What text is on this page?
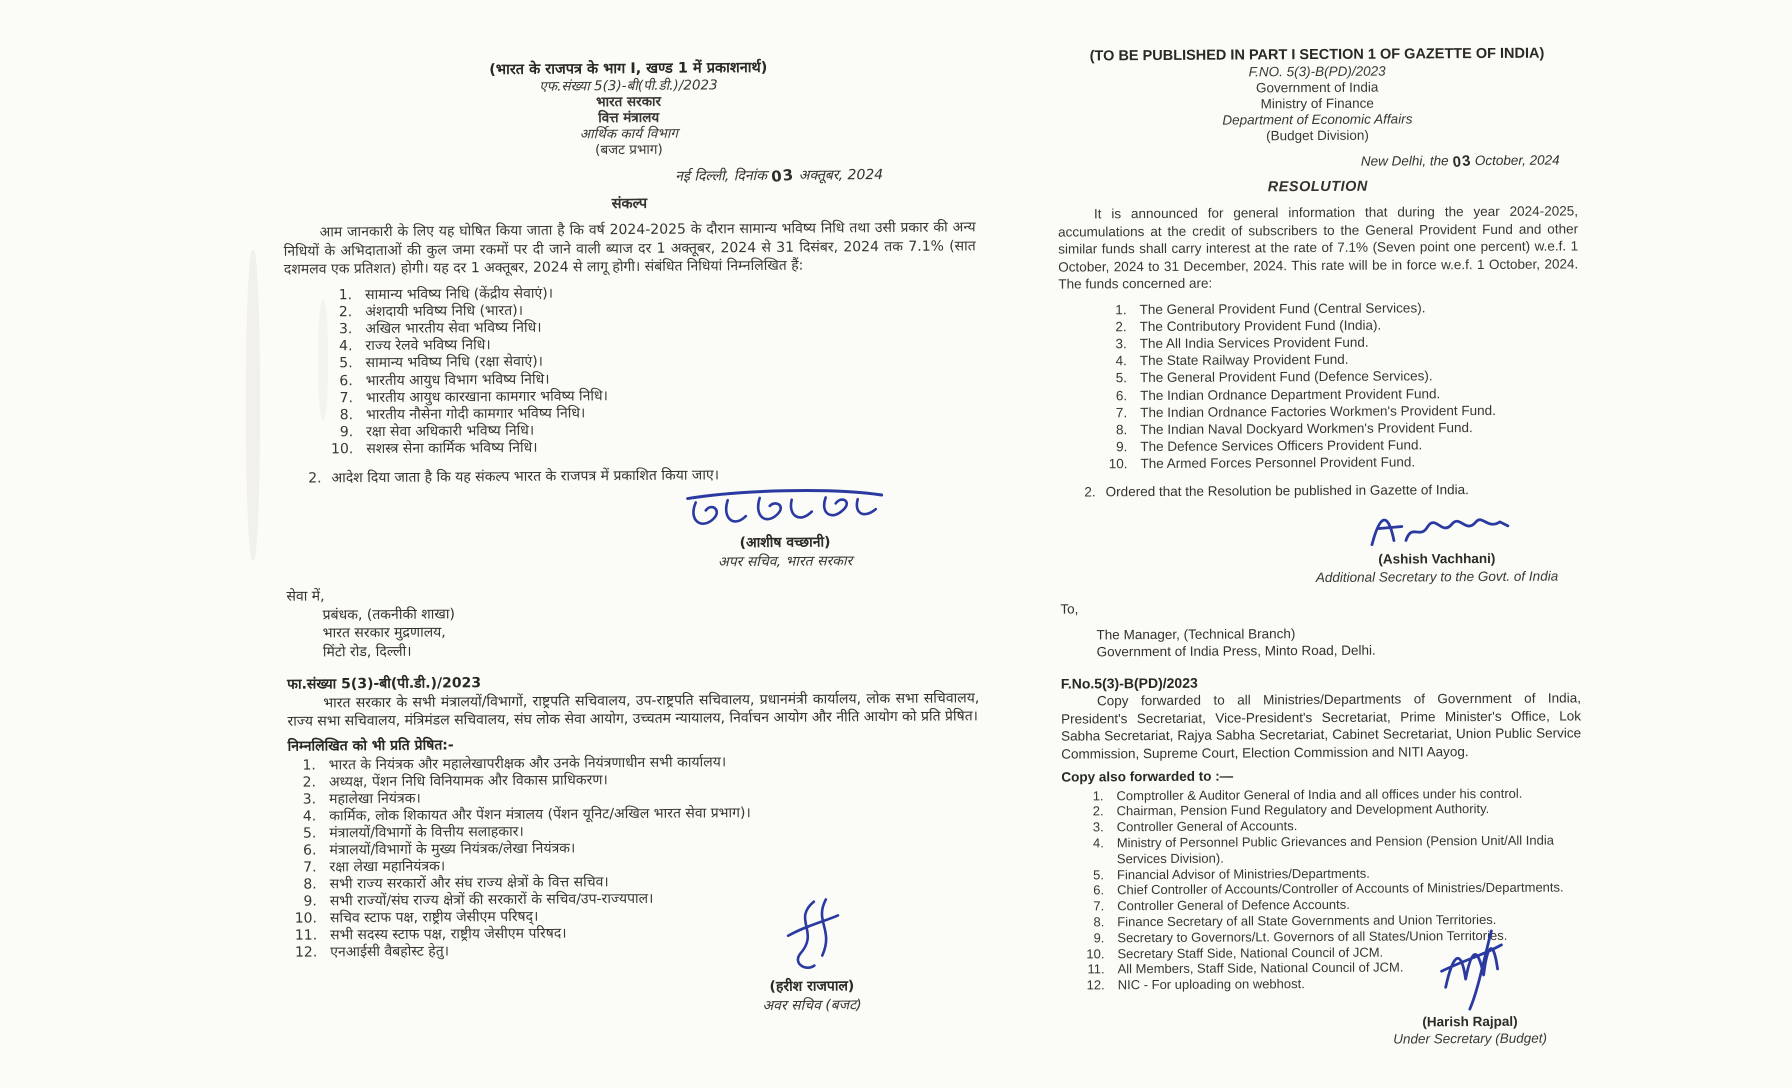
(भारत के राजपत्र के भाग I, खण्ड 1 में प्रकाशनार्थ)
एफ.संख्या 5(3)-बी(पी.डी.)/2023
भारत सरकार
वित्त मंत्रालय
आर्थिक कार्य विभाग
(बजट प्रभाग)
नई दिल्ली, दिनांक 03 अक्तूबर, 2024
संकल्प
आम जानकारी के लिए यह घोषित किया जाता है कि वर्ष 2024-2025 के दौरान सामान्य भविष्य निधि तथा उसी प्रकार की अन्य निधियों के अभिदाताओं की कुल जमा रकमों पर दी जाने वाली ब्याज दर 1 अक्तूबर, 2024 से 31 दिसंबर, 2024 तक 7.1% (सात दशमलव एक प्रतिशत) होगी। यह दर 1 अक्तूबर, 2024 से लागू होगी। संबंधित निधियां निम्नलिखित हैं:
1. सामान्य भविष्य निधि (केंद्रीय सेवाएं)।
2. अंशदायी भविष्य निधि (भारत)।
3. अखिल भारतीय सेवा भविष्य निधि।
4. राज्य रेलवे भविष्य निधि।
5. सामान्य भविष्य निधि (रक्षा सेवाएं)।
6. भारतीय आयुध विभाग भविष्य निधि।
7. भारतीय आयुध कारखाना कामगार भविष्य निधि।
8. भारतीय नौसेना गोदी कामगार भविष्य निधि।
9. रक्षा सेवा अधिकारी भविष्य निधि।
10. सशस्त्र सेना कार्मिक भविष्य निधि।
2. आदेश दिया जाता है कि यह संकल्प भारत के राजपत्र में प्रकाशित किया जाए।
(आशीष वच्छानी)
अपर सचिव, भारत सरकार
सेवा में,
प्रबंधक, (तकनीकी शाखा)
भारत सरकार मुद्रणालय,
मिंटो रोड, दिल्ली।
फा.संख्या 5(3)-बी(पी.डी.)/2023
भारत सरकार के सभी मंत्रालयों/विभागों, राष्ट्रपति सचिवालय, उप-राष्ट्रपति सचिवालय, प्रधानमंत्री कार्यालय, लोक सभा सचिवालय, राज्य सभा सचिवालय, मंत्रिमंडल सचिवालय, संघ लोक सेवा आयोग, उच्चतम न्यायालय, निर्वाचन आयोग और नीति आयोग को प्रति प्रेषित।
निम्नलिखित को भी प्रति प्रेषित:-
1. भारत के नियंत्रक और महालेखापरीक्षक और उनके नियंत्रणाधीन सभी कार्यालय।
2. अध्यक्ष, पेंशन निधि विनियामक और विकास प्राधिकरण।
3. महालेखा नियंत्रक।
4. कार्मिक, लोक शिकायत और पेंशन मंत्रालय (पेंशन यूनिट/अखिल भारत सेवा प्रभाग)।
5. मंत्रालयों/विभागों के वित्तीय सलाहकार।
6. मंत्रालयों/विभागों के मुख्य नियंत्रक/लेखा नियंत्रक।
7. रक्षा लेखा महानियंत्रक।
8. सभी राज्य सरकारों और संघ राज्य क्षेत्रों के वित्त सचिव।
9. सभी राज्यों/संघ राज्य क्षेत्रों की सरकारों के सचिव/उप-राज्यपाल।
10. सचिव स्टाफ पक्ष, राष्ट्रीय जेसीएम परिषद्।
11. सभी सदस्य स्टाफ पक्ष, राष्ट्रीय जेसीएम परिषद।
12. एनआईसी वैबहोस्ट हेतु।
(हरीश राजपाल)
अवर सचिव (बजट)
(TO BE PUBLISHED IN PART I SECTION 1 OF GAZETTE OF INDIA)
F.NO. 5(3)-B(PD)/2023
Government of India
Ministry of Finance
Department of Economic Affairs
(Budget Division)
New Delhi, the 03 October, 2024
RESOLUTION
It is announced for general information that during the year 2024-2025, accumulations at the credit of subscribers to the General Provident Fund and other similar funds shall carry interest at the rate of 7.1% (Seven point one percent) w.e.f. 1 October, 2024 to 31 December, 2024. This rate will be in force w.e.f. 1 October, 2024. The funds concerned are:
1. The General Provident Fund (Central Services).
2. The Contributory Provident Fund (India).
3. The All India Services Provident Fund.
4. The State Railway Provident Fund.
5. The General Provident Fund (Defence Services).
6. The Indian Ordnance Department Provident Fund.
7. The Indian Ordnance Factories Workmen's Provident Fund.
8. The Indian Naval Dockyard Workmen's Provident Fund.
9. The Defence Services Officers Provident Fund.
10. The Armed Forces Personnel Provident Fund.
2. Ordered that the Resolution be published in Gazette of India.
(Ashish Vachhani)
Additional Secretary to the Govt. of India
To,
The Manager, (Technical Branch)
Government of India Press, Minto Road, Delhi.
F.No.5(3)-B(PD)/2023
Copy forwarded to all Ministries/Departments of Government of India, President's Secretariat, Vice-President's Secretariat, Prime Minister's Office, Lok Sabha Secretariat, Rajya Sabha Secretariat, Cabinet Secretariat, Union Public Service Commission, Supreme Court, Election Commission and NITI Aayog.
Copy also forwarded to :—
1. Comptroller & Auditor General of India and all offices under his control.
2. Chairman, Pension Fund Regulatory and Development Authority.
3. Controller General of Accounts.
4. Ministry of Personnel Public Grievances and Pension (Pension Unit/All India Services Division).
5. Financial Advisor of Ministries/Departments.
6. Chief Controller of Accounts/Controller of Accounts of Ministries/Departments.
7. Controller General of Defence Accounts.
8. Finance Secretary of all State Governments and Union Territories.
9. Secretary to Governors/Lt. Governors of all States/Union Territories.
10. Secretary Staff Side, National Council of JCM.
11. All Members, Staff Side, National Council of JCM.
12. NIC - For uploading on webhost.
(Harish Rajpal)
Under Secretary (Budget)
